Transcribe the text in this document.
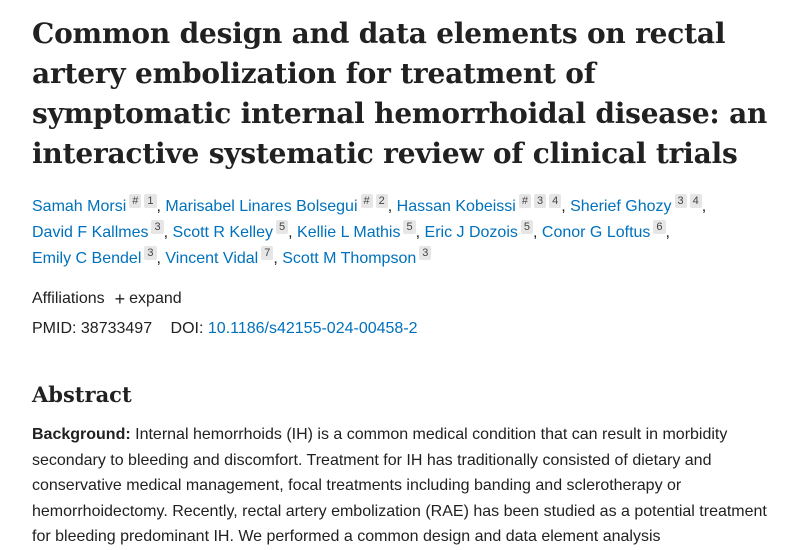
Common design and data elements on rectal artery embolization for treatment of symptomatic internal hemorrhoidal disease: an interactive systematic review of clinical trials
Samah Morsi # 1 , Marisabel Linares Bolsegui # 2 , Hassan Kobeissi # 3 4 , Sherief Ghozy 3 4 , David F Kallmes 3 , Scott R Kelley 5 , Kellie L Mathis 5 , Eric J Dozois 5 , Conor G Loftus 6 , Emily C Bendel 3 , Vincent Vidal 7 , Scott M Thompson 3
Affiliations + expand
PMID: 38733497 DOI: 10.1186/s42155-024-00458-2
Abstract

Background: Internal hemorrhoids (IH) is a common medical condition that can result in morbidity secondary to bleeding and discomfort. Treatment for IH has traditionally consisted of dietary and conservative medical management, focal treatments including banding and sclerotherapy or hemorrhoidectomy. Recently, rectal artery embolization (RAE) has been studied as a potential treatment for bleeding predominant IH. We performed a common design and data element analysis
